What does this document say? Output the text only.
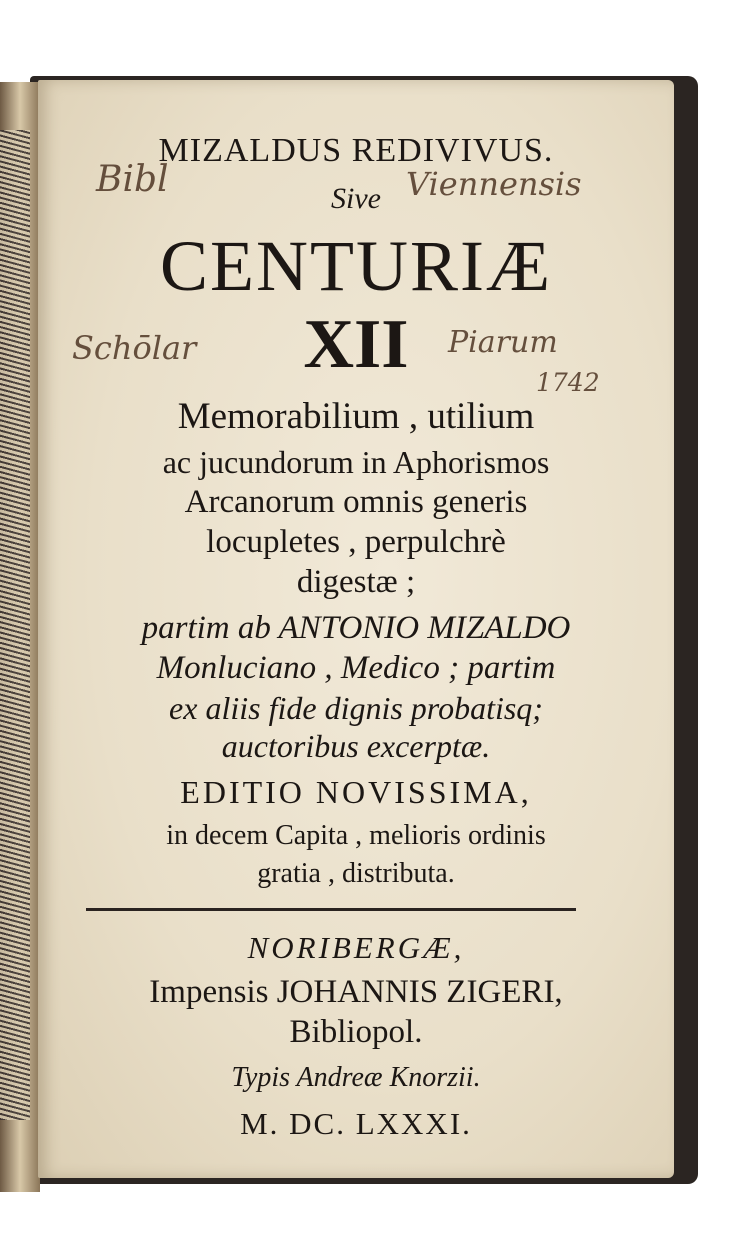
MIZALDUS REDIVIVUS.
Sive
CENTURIÆ
XII
Memorabilium , utilium
ac jucundorum in Aphorismos
Arcanorum omnis generis
locupletes , perpulchrè
digestæ ;
partim ab ANTONIO MIZALDO
Monluciano , Medico ; partim
ex aliis fide dignis probatisq;
auctoribus excerptæ.
EDITIO NOVISSIMA,
in decem Capita , melioris ordinis
gratia , distributa.
NORIBERGÆ,
Impensis JOHANNIS ZIGERI,
Bibliopol.
Typis Andreæ Knorzii.
M. DC. LXXXI.
Bibl	Viennensis
Schōlar	Piarum
1742
